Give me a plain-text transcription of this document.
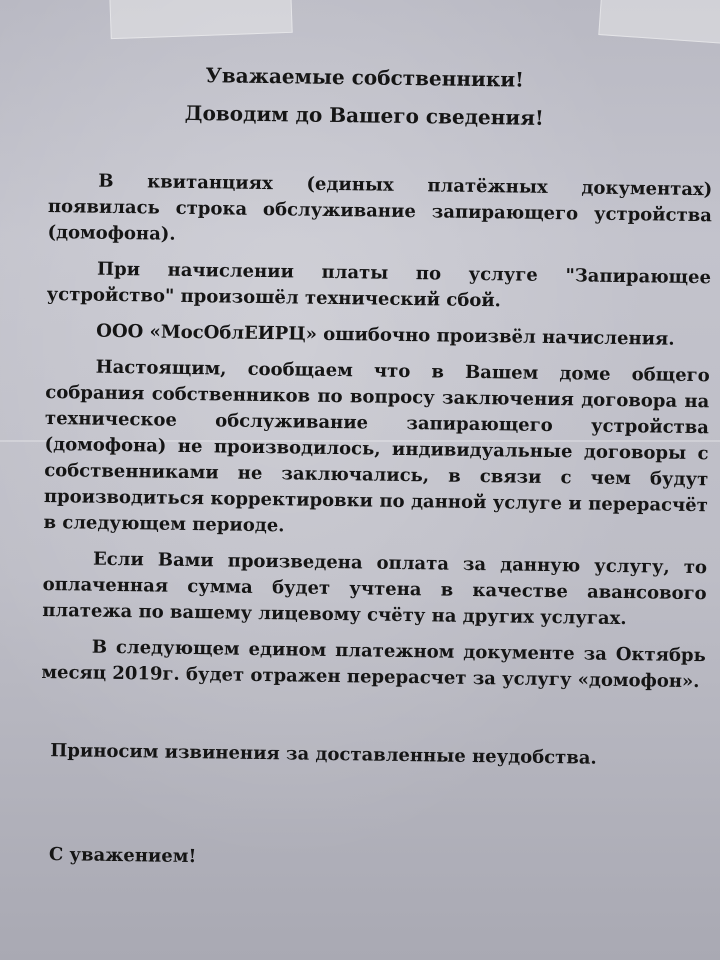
Уважаемые собственники!
Доводим до Вашего сведения!

В квитанциях (единых платёжных документах) появилась строка обслуживание запирающего устройства (домофона).

При начислении платы по услуге "Запирающее устройство" произошёл технический сбой.

ООО «МосОблЕИРЦ» ошибочно произвёл начисления.

Настоящим, сообщаем что в Вашем доме общего собрания собственников по вопросу заключения договора на техническое обслуживание запирающего устройства (домофона) не производилось, индивидуальные договоры с собственниками не заключались, в связи с чем будут производиться корректировки по данной услуге и перерасчёт в следующем периоде.

Если Вами произведена оплата за данную услугу, то оплаченная сумма будет учтена в качестве авансового платежа по вашему лицевому счёту на других услугах.

В следующем едином платежном документе за Октябрь месяц 2019г. будет отражен перерасчет за услугу «домофон».

Приносим извинения за доставленные неудобства.
С уважением!
